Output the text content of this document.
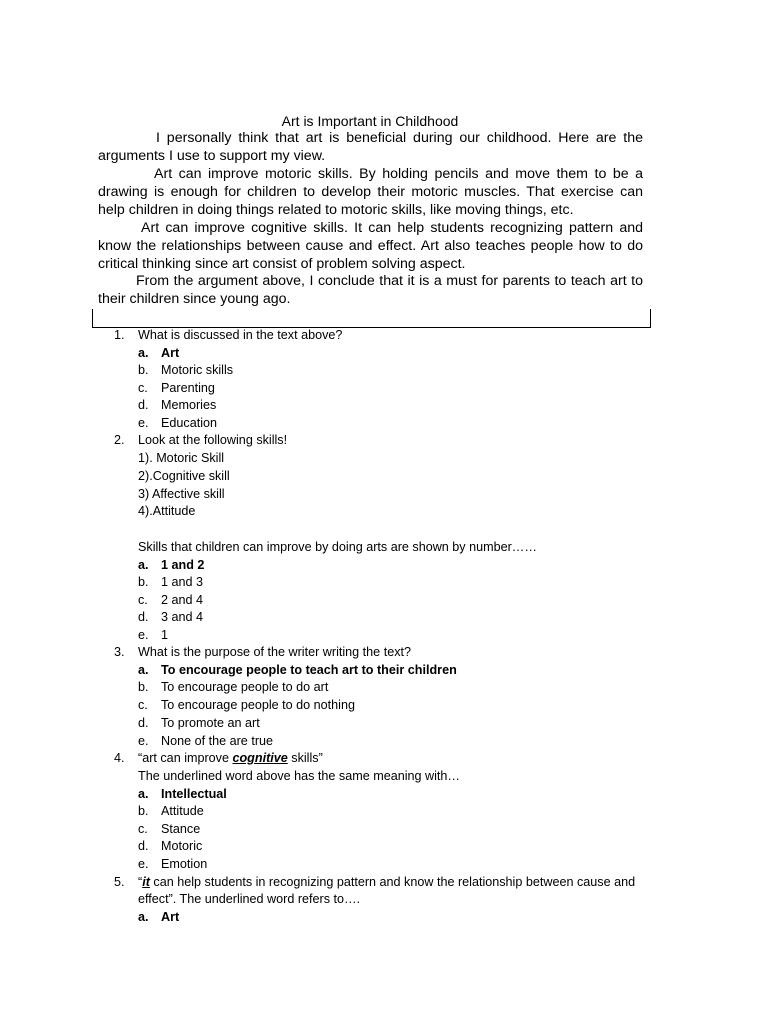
Art is Important in Childhood
I personally think that art is beneficial during our childhood. Here are the arguments I use to support my view.
Art can improve motoric skills. By holding pencils and move them to be a drawing is enough for children to develop their motoric muscles. That exercise can help children in doing things related to motoric skills, like moving things, etc.
Art can improve cognitive skills. It can help students recognizing pattern and know the relationships between cause and effect. Art also teaches people how to do critical thinking since art consist of problem solving aspect.
From the argument above, I conclude that it is a must for parents to teach art to their children since young ago.
1. What is discussed in the text above?
a. Art
b. Motoric skills
c. Parenting
d. Memories
e. Education
2. Look at the following skills!
1). Motoric Skill
2).Cognitive skill
3) Affective skill
4).Attitude
Skills that children can improve by doing arts are shown by number……
a. 1 and 2
b. 1 and 3
c. 2 and 4
d. 3 and 4
e. 1
3. What is the purpose of the writer writing the text?
a. To encourage people to teach art to their children
b. To encourage people to do art
c. To encourage people to do nothing
d. To promote an art
e. None of the are true
4. “art can improve cognitive skills”
The underlined word above has the same meaning with…
a. Intellectual
b. Attitude
c. Stance
d. Motoric
e. Emotion
5. “it can help students in recognizing pattern and know the relationship between cause and
effect”. The underlined word refers to….
a. Art
